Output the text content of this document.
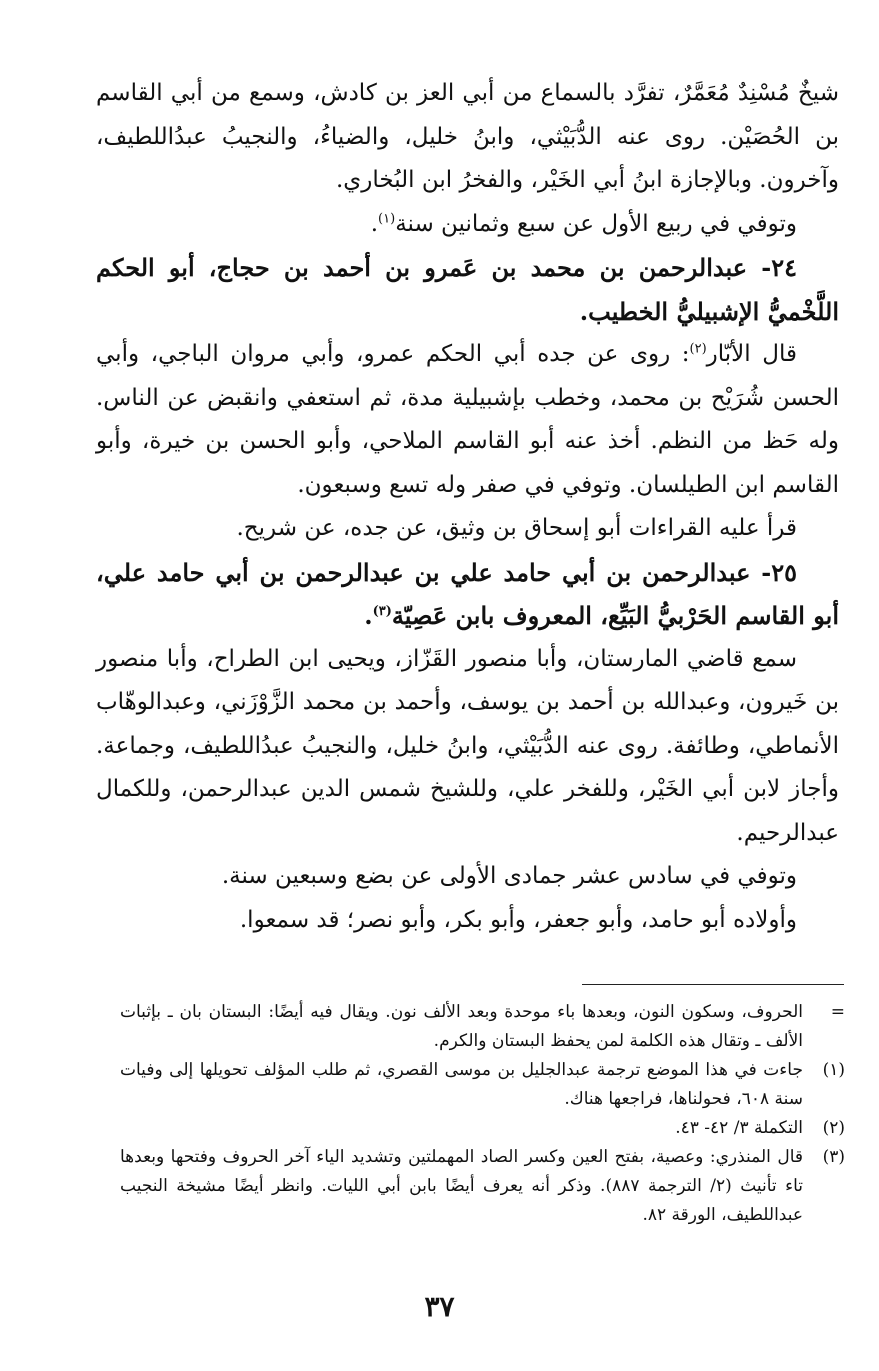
شيخٌ مُسْنِدٌ مُعَمَّرٌ، تفرَّد بالسماع من أبي العز بن كادش، وسمع من أبي القاسم بن الحُصَيْن. روى عنه الدُّبَيْثي، وابنُ خليل، والضياءُ، والنجيبُ عبدُاللطيف، وآخرون. وبالإجازة ابنُ أبي الخَيْر، والفخرُ ابن البُخاري.

وتوفي في ربيع الأول عن سبع وثمانين سنة$^{(١)}$.

٢٤- عبدالرحمن بن محمد بن عَمرو بن أحمد بن حجاج، أبو الحكم اللَّخْميُّ الإشبيليُّ الخطيب.

قال الأبّار$^{(٢)}$: روى عن جده أبي الحكم عمرو، وأبي مروان الباجي، وأبي الحسن شُرَيْح بن محمد، وخطب بإشبيلية مدة، ثم استعفي وانقبض عن الناس. وله حَظ من النظم. أخذ عنه أبو القاسم الملاحي، وأبو الحسن بن خيرة، وأبو القاسم ابن الطيلسان. وتوفي في صفر وله تسع وسبعون.

قرأ عليه القراءات أبو إسحاق بن وثيق، عن جده، عن شريح.

٢٥- عبدالرحمن بن أبي حامد علي بن عبدالرحمن بن أبي حامد علي، أبو القاسم الحَرْبيُّ البَيِّع، المعروف بابن عَصِيّة$^{(٣)}$.

سمع قاضي المارستان، وأبا منصور القَزّاز، ويحيى ابن الطراح، وأبا منصور بن خَيرون، وعبدالله بن أحمد بن يوسف، وأحمد بن محمد الزَّوْزَني، وعبدالوهّاب الأنماطي، وطائفة. روى عنه الدُّبَيْثي، وابنُ خليل، والنجيبُ عبدُاللطيف، وجماعة. وأجاز لابن أبي الخَيْر، وللفخر علي، وللشيخ شمس الدين عبدالرحمن، وللكمال عبدالرحيم.

وتوفي في سادس عشر جمادى الأولى عن بضع وسبعين سنة.

وأولاده أبو حامد، وأبو جعفر، وأبو بكر، وأبو نصر؛ قد سمعوا.

=
الحروف، وسكون النون، وبعدها باء موحدة وبعد الألف نون. ويقال فيه أيضًا: البستان بان ـ بإثبات الألف ـ وتقال هذه الكلمة لمن يحفظ البستان والكرم.
(١)
جاءت في هذا الموضع ترجمة عبدالجليل بن موسى القصري، ثم طلب المؤلف تحويلها إلى وفيات سنة ٦٠٨، فحولناها، فراجعها هناك.
(٢)
التكملة ٣/ ٤٢- ٤٣.
(٣)
قال المنذري: وعصية، بفتح العين وكسر الصاد المهملتين وتشديد الياء آخر الحروف وفتحها وبعدها تاء تأنيث (٢/ الترجمة ٨٨٧). وذكر أنه يعرف أيضًا بابن أبي الليات. وانظر أيضًا مشيخة النجيب عبداللطيف، الورقة ٨٢.
٣٧
